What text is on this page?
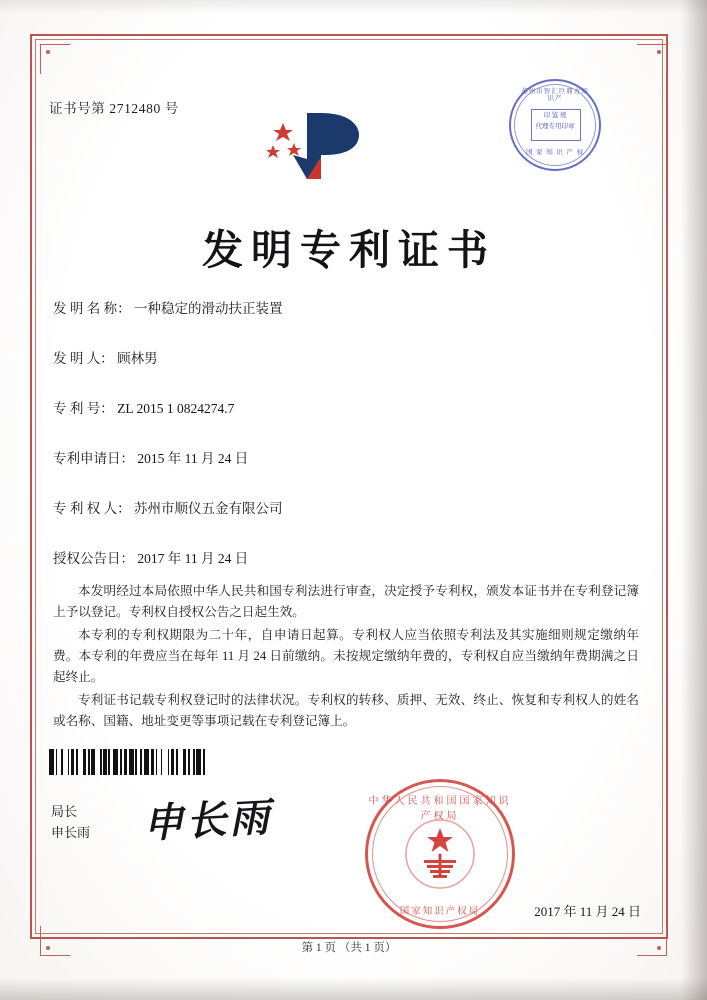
证书号第 2712480 号
苏州市智汇巨鼎方知识产
印 鉴 规
代理专用印章
国 家 知 识 产 权
发明专利证书
发 明 名 称： 一种稳定的滑动扶正装置
发 明 人： 顾林男
专 利 号： ZL 2015 1 0824274.7
专利申请日： 2015 年 11 月 24 日
专 利 权 人： 苏州市顺仪五金有限公司
授权公告日： 2017 年 11 月 24 日

本发明经过本局依照中华人民共和国专利法进行审查，决定授予专利权，颁发本证书并在专利登记簿上予以登记。专利权自授权公告之日起生效。

本专利的专利权期限为二十年，自申请日起算。专利权人应当依照专利法及其实施细则规定缴纳年费。本专利的年费应当在每年 11 月 24 日前缴纳。未按规定缴纳年费的，专利权自应当缴纳年费期满之日起终止。

专利证书记载专利权登记时的法律状况。专利权的转移、质押、无效、终止、恢复和专利权人的姓名或名称、国籍、地址变更等事项记载在专利登记簿上。

局长
申长雨 申长雨	中华人民共和国国家知识产权局
国家知识产权局	2017 年 11 月 24 日
第 1 页 （共 1 页）
